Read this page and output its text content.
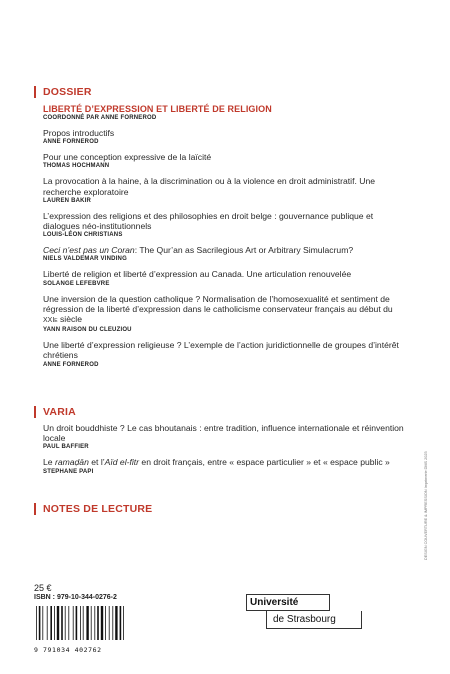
DOSSIER
LIBERTÉ D’EXPRESSION ET LIBERTÉ DE RELIGION
COORDONNÉ PAR ANNE FORNEROD
Propos introductifs
ANNE FORNEROD
Pour une conception expressive de la laïcité
THOMAS HOCHMANN
La provocation à la haine, à la discrimination ou à la violence en droit administratif. Une recherche exploratoire
LAUREN BAKIR
L’expression des religions et des philosophies en droit belge : gouvernance publique et dialogues néo-institutionnels
LOUIS-LÉON CHRISTIANS
Ceci n’est pas un Coran: The Qur’an as Sacrilegious Art or Arbitrary Simulacrum?
NIELS VALDEMAR VINDING
Liberté de religion et liberté d’expression au Canada. Une articulation renouvelée
SOLANGE LEFEBVRE
Une inversion de la question catholique ? Normalisation de l’homosexualité et sentiment de régression de la liberté d’expression dans le catholicisme conservateur français au début du XXIe siècle
YANN RAISON DU CLEUZIOU
Une liberté d’expression religieuse ? L’exemple de l’action juridictionnelle de groupes d’intérêt chrétiens
ANNE FORNEROD
VARIA
Un droit bouddhiste ? Le cas bhoutanais : entre tradition, influence internationale et réinvention locale
PAUL BAFFIER
Le ramaḍān et l’Aïd el-fitr en droit français, entre « espace particulier » et « espace public »
STEPHANE PAPI
NOTES DE LECTURE	DESIGN COUVERTURE & IMPRESSION Imprimerie DMS 2025
25 €
ISBN : 979-10-344-0276-2
9 791034 402762
Université
de Strasbourg
